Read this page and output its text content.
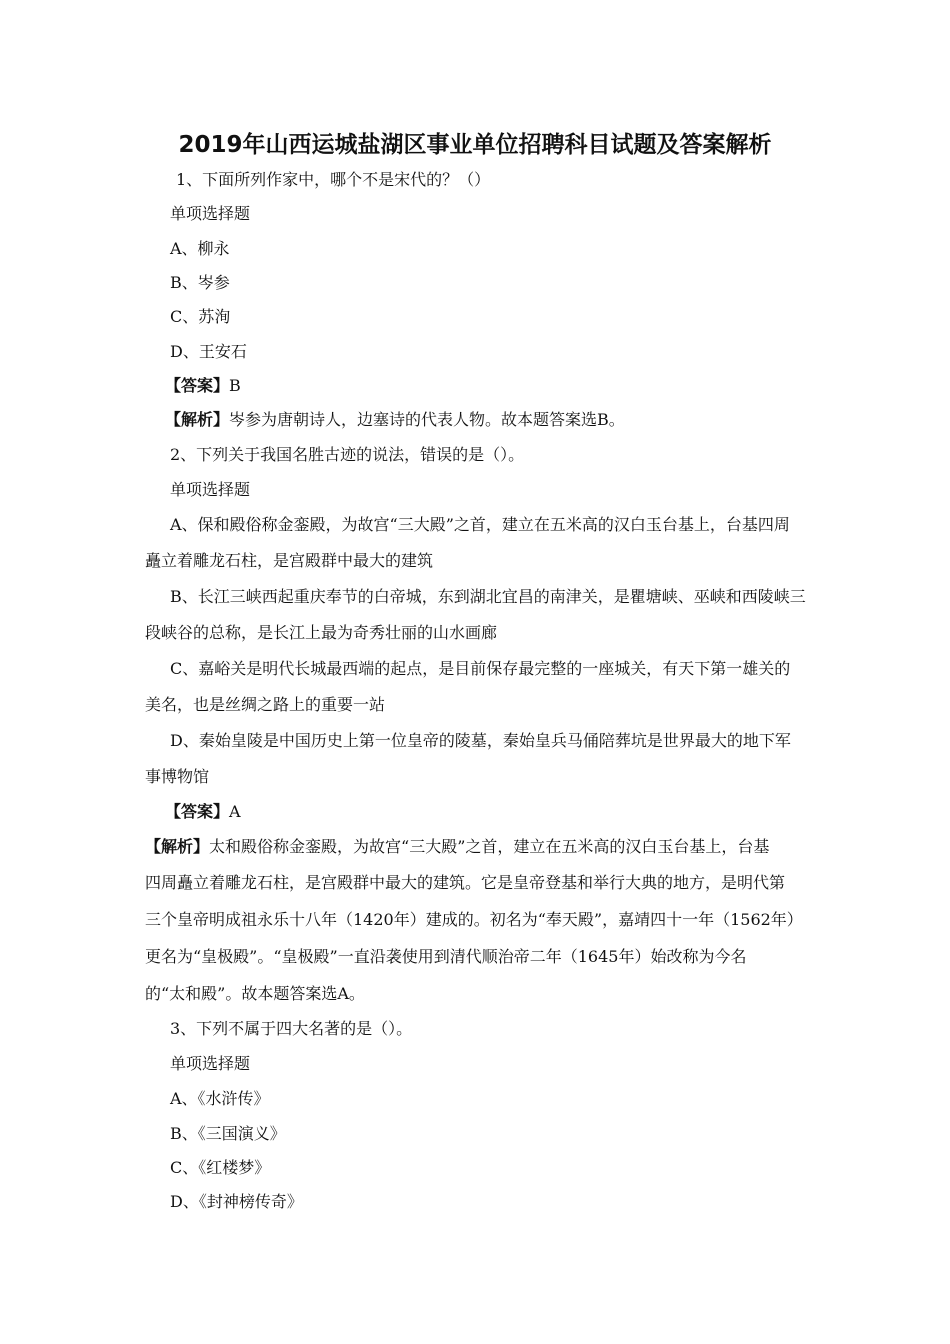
2019年山西运城盐湖区事业单位招聘科目试题及答案解析
1、下面所列作家中，哪个不是宋代的？（）
单项选择题
A、柳永
B、岑参
C、苏洵
D、王安石
【答案】B
【解析】岑参为唐朝诗人，边塞诗的代表人物。故本题答案选B。
2、下列关于我国名胜古迹的说法，错误的是（）。
单项选择题
A、保和殿俗称金銮殿，为故宫“三大殿”之首，建立在五米高的汉白玉台基上，台基四周
矗立着雕龙石柱，是宫殿群中最大的建筑
B、长江三峡西起重庆奉节的白帝城，东到湖北宜昌的南津关，是瞿塘峡、巫峡和西陵峡三
段峡谷的总称，是长江上最为奇秀壮丽的山水画廊
C、嘉峪关是明代长城最西端的起点，是目前保存最完整的一座城关，有天下第一雄关的
美名，也是丝绸之路上的重要一站
D、秦始皇陵是中国历史上第一位皇帝的陵墓，秦始皇兵马俑陪葬坑是世界最大的地下军
事博物馆
【答案】A
【解析】太和殿俗称金銮殿，为故宫“三大殿”之首，建立在五米高的汉白玉台基上，台基
四周矗立着雕龙石柱，是宫殿群中最大的建筑。它是皇帝登基和举行大典的地方，是明代第
三个皇帝明成祖永乐十八年（1420年）建成的。初名为“奉天殿”，嘉靖四十一年（1562年）
更名为“皇极殿”。“皇极殿”一直沿袭使用到清代顺治帝二年（1645年）始改称为今名
的“太和殿”。故本题答案选A。
3、下列不属于四大名著的是（）。
单项选择题
A、《水浒传》
B、《三国演义》
C、《红楼梦》
D、《封神榜传奇》
